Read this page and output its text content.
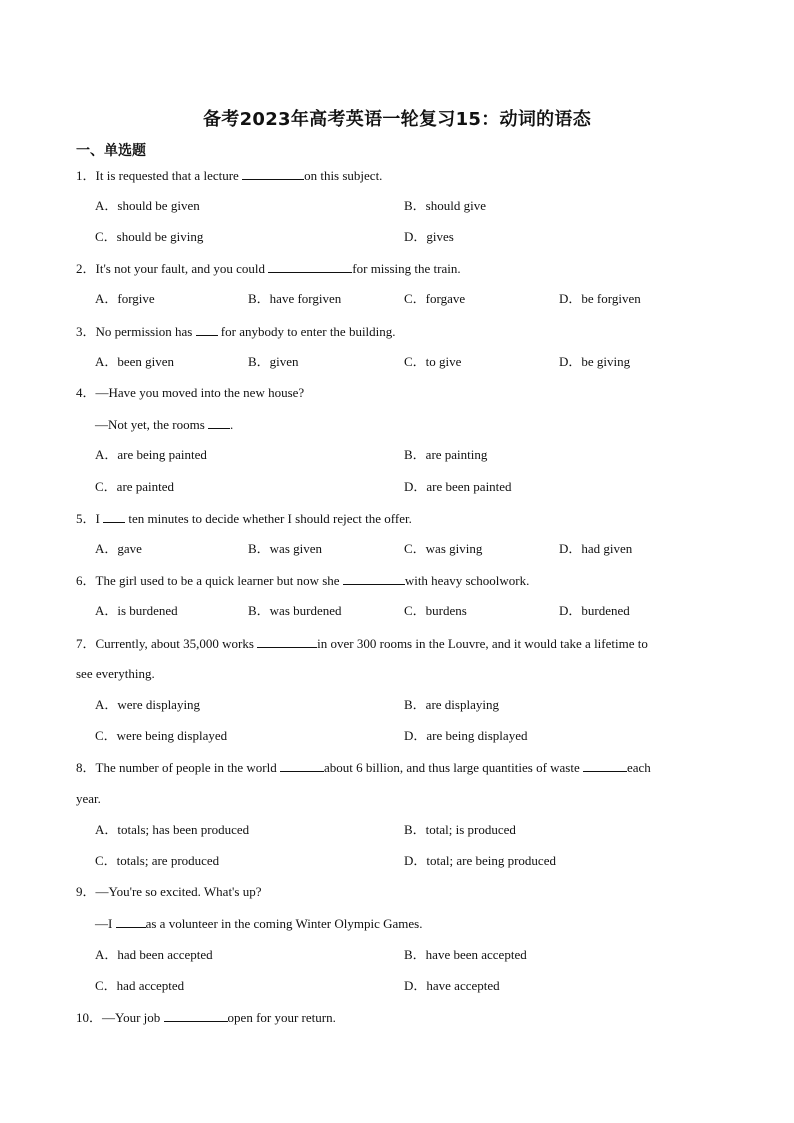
备考2023年高考英语一轮复习15：动词的语态
一、单选题
1．It is requested that a lecture	on this subject.
A．should be given	B．should give
C．should be giving	D．gives
2．It's not your fault, and you could	for missing the train.
A．forgive	B．have forgiven	C．forgave	D．be forgiven
3．No permission has  for anybody to enter the building.
A．been given	B．given	C．to give	D．be giving
4．—Have you moved into the new house?
—Not yet, the rooms .
A．are being painted	B．are painting
C．are painted	D．are been painted
5．I  ten minutes to decide whether I should reject the offer.
A．gave	B．was given	C．was giving	D．had given
6．The girl used to be a quick learner but now she	with heavy schoolwork.
A．is burdened	B．was burdened	C．burdens	D．burdened
7．Currently, about 35,000 works	in over 300 rooms in the Louvre, and it would take a lifetime to
see everything.
A．were displaying	B．are displaying
C．were being displayed	D．are being displayed
8．The number of people in the world	about 6 billion, and thus large quantities of waste	each
year.
A．totals; has been produced	B．total; is produced
C．totals; are produced	D．total; are being produced
9．—You're so excited. What's up?
—I as a volunteer in the coming Winter Olympic Games.
A．had been accepted	B．have been accepted
C．had accepted	D．have accepted
10．—Your job	open for your return.
